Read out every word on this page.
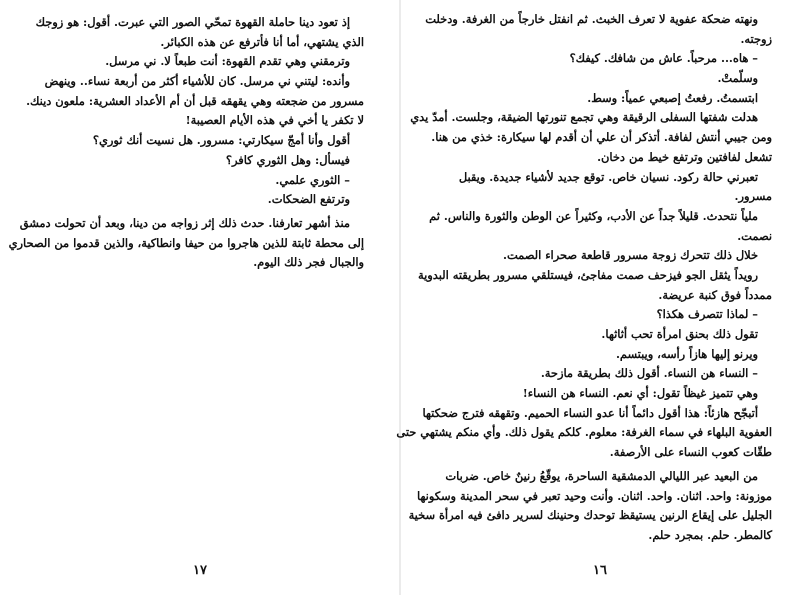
إذ تعود دينا حاملة القهوة تمحّي الصور التي عبرت. أقول: هو زوجك
الذي يشتهي، أما أنا فأترفع عن هذه الكبائر.
وترمقني وهي تقدم القهوة: أنت طبعاً لا. ني مرسل.
وأنده: ليتني ني مرسل. كان للأشياء أكثر من أربعة نساء.. وينهض
مسرور من ضجعته وهي يقهقه قبل أن أم الأعداد العشرية: ملعون دينك.
لا تكفر يا أخي في هذه الأيام العصيبة!
أقول وأنا أمجّ سيكارتي: مسرور. هل نسيت أنك ثوري؟
فيسأل: وهل الثوري كافر؟
– الثوري علمي.
وترتفع الضحكات.
منذ أشهر تعارفنا. حدث ذلك إثر زواجه من دينا، وبعد أن تحولت دمشق
إلى محطة ثابتة للذين هاجروا من حيفا وانطاكية، والذين قدموا من الصحاري
والجبال فجر ذلك اليوم.
١٧
ونهته ضحكة عفوية لا تعرف الخبث. ثم انفتل خارجاً من الغرفة. ودخلت
زوجته.
– هاه... مرحباً. عاش من شافك. كيفك؟
وسلّمتْ.
ابتسمتُ. رفعتُ إصبعي عمياً: وسط.
هدلت شفتها السفلى الرقيقة وهي تجمع تنورتها الضيقة، وجلست. أمدّ يدي
ومن جيبي أنتش لفافة. أتذكر أن علي أن أقدم لها سيكارة: خذي من هنا.
تشعل لفافتين وترتفع خيط من دخان.
تعبرني حالة ركود. نسيان خاص. توقع جديد لأشياء جديدة. ويقبل
مسرور.
ملياً نتحدث. قليلاً جداً عن الأدب، وكثيراً عن الوطن والثورة والناس. ثم
نصمت.
خلال ذلك تتحرك زوجة مسرور قاطعة صحراء الصمت.
رويداً يثقل الجو فيزحف صمت مفاجئ، فيستلقي مسرور بطريقته البدوية
ممدداً فوق كنبة عريضة.
– لماذا تتصرف هكذا؟
تقول ذلك بحنق امرأة تحب أثاثها.
ويرنو إليها هازاً رأسه، ويبتسم.
– النساء هن النساء. أقول ذلك بطريقة مازحة.
وهي تتميز غيظاً تقول: أي نعم. النساء هن النساء!
أتبجّح هازئاً: هذا أقول دائماً أنا عدو النساء الحميم. وتقهقه فترج ضحكتها
العفوية البلهاء في سماء الغرفة: معلوم. كلكم يقول ذلك. وأي منكم يشتهي حتى
طقّات كعوب النساء على الأرصفة.
من البعيد عبر الليالي الدمشقية الساحرة، يوقّعُ رنينٌ خاص. ضربات
موزونة: واحد. اثنان. واحد. اثنان. وأنت وحيد تعبر في سحر المدينة وسكونها
الجليل على إيقاع الرنين يستيقظ توحدك وحنينك لسرير دافئ فيه امرأة سخية
كالمطر. حلم. بمجرد حلم.
١٦
